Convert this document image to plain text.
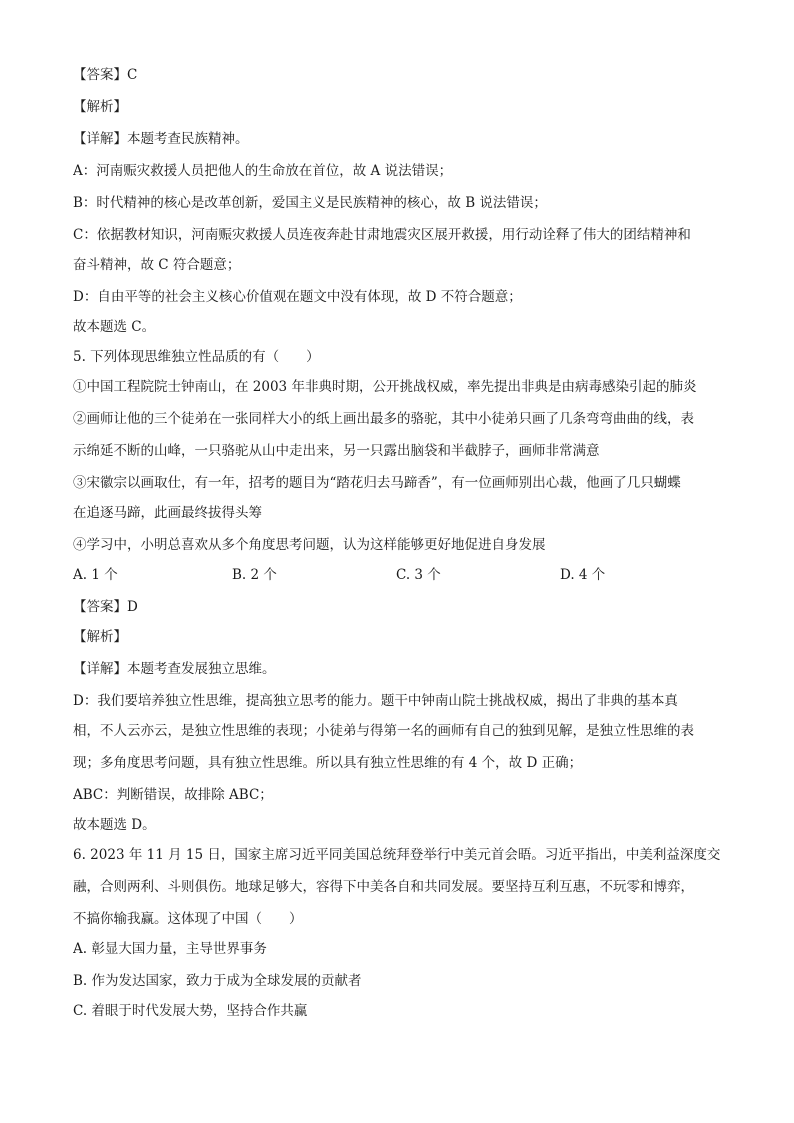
【答案】C
【解析】
【详解】本题考查民族精神。
A：河南赈灾救援人员把他人的生命放在首位，故 A 说法错误；
B：时代精神的核心是改革创新，爱国主义是民族精神的核心，故 B 说法错误；
C：依据教材知识，河南赈灾救援人员连夜奔赴甘肃地震灾区展开救援，用行动诠释了伟大的团结精神和
奋斗精神，故 C 符合题意；
D：自由平等的社会主义核心价值观在题文中没有体现，故 D 不符合题意；
故本题选 C。
5. 下列体现思维独立性品质的有（　　）
①中国工程院院士钟南山，在 2003 年非典时期，公开挑战权威，率先提出非典是由病毒感染引起的肺炎
②画师让他的三个徒弟在一张同样大小的纸上画出最多的骆驼，其中小徒弟只画了几条弯弯曲曲的线，表
示绵延不断的山峰，一只骆驼从山中走出来，另一只露出脑袋和半截脖子，画师非常满意
③宋徽宗以画取仕，有一年，招考的题目为“踏花归去马蹄香”，有一位画师别出心裁，他画了几只蝴蝶
在追逐马蹄，此画最终拔得头筹
④学习中，小明总喜欢从多个角度思考问题，认为这样能够更好地促进自身发展
A. 1 个	B. 2 个	C. 3 个	D. 4 个
【答案】D
【解析】
【详解】本题考查发展独立思维。
D：我们要培养独立性思维，提高独立思考的能力。题干中钟南山院士挑战权威，揭出了非典的基本真
相，不人云亦云，是独立性思维的表现；小徒弟与得第一名的画师有自己的独到见解，是独立性思维的表
现；多角度思考问题，具有独立性思维。所以具有独立性思维的有 4 个，故 D 正确；
ABC：判断错误，故排除 ABC；
故本题选 D。
6. 2023 年 11 月 15 日，国家主席习近平同美国总统拜登举行中美元首会晤。习近平指出，中美利益深度交
融，合则两利、斗则俱伤。地球足够大，容得下中美各自和共同发展。要坚持互利互惠，不玩零和博弈，
不搞你输我赢。这体现了中国（　　）
A. 彰显大国力量，主导世界事务
B. 作为发达国家，致力于成为全球发展的贡献者
C. 着眼于时代发展大势，坚持合作共赢
